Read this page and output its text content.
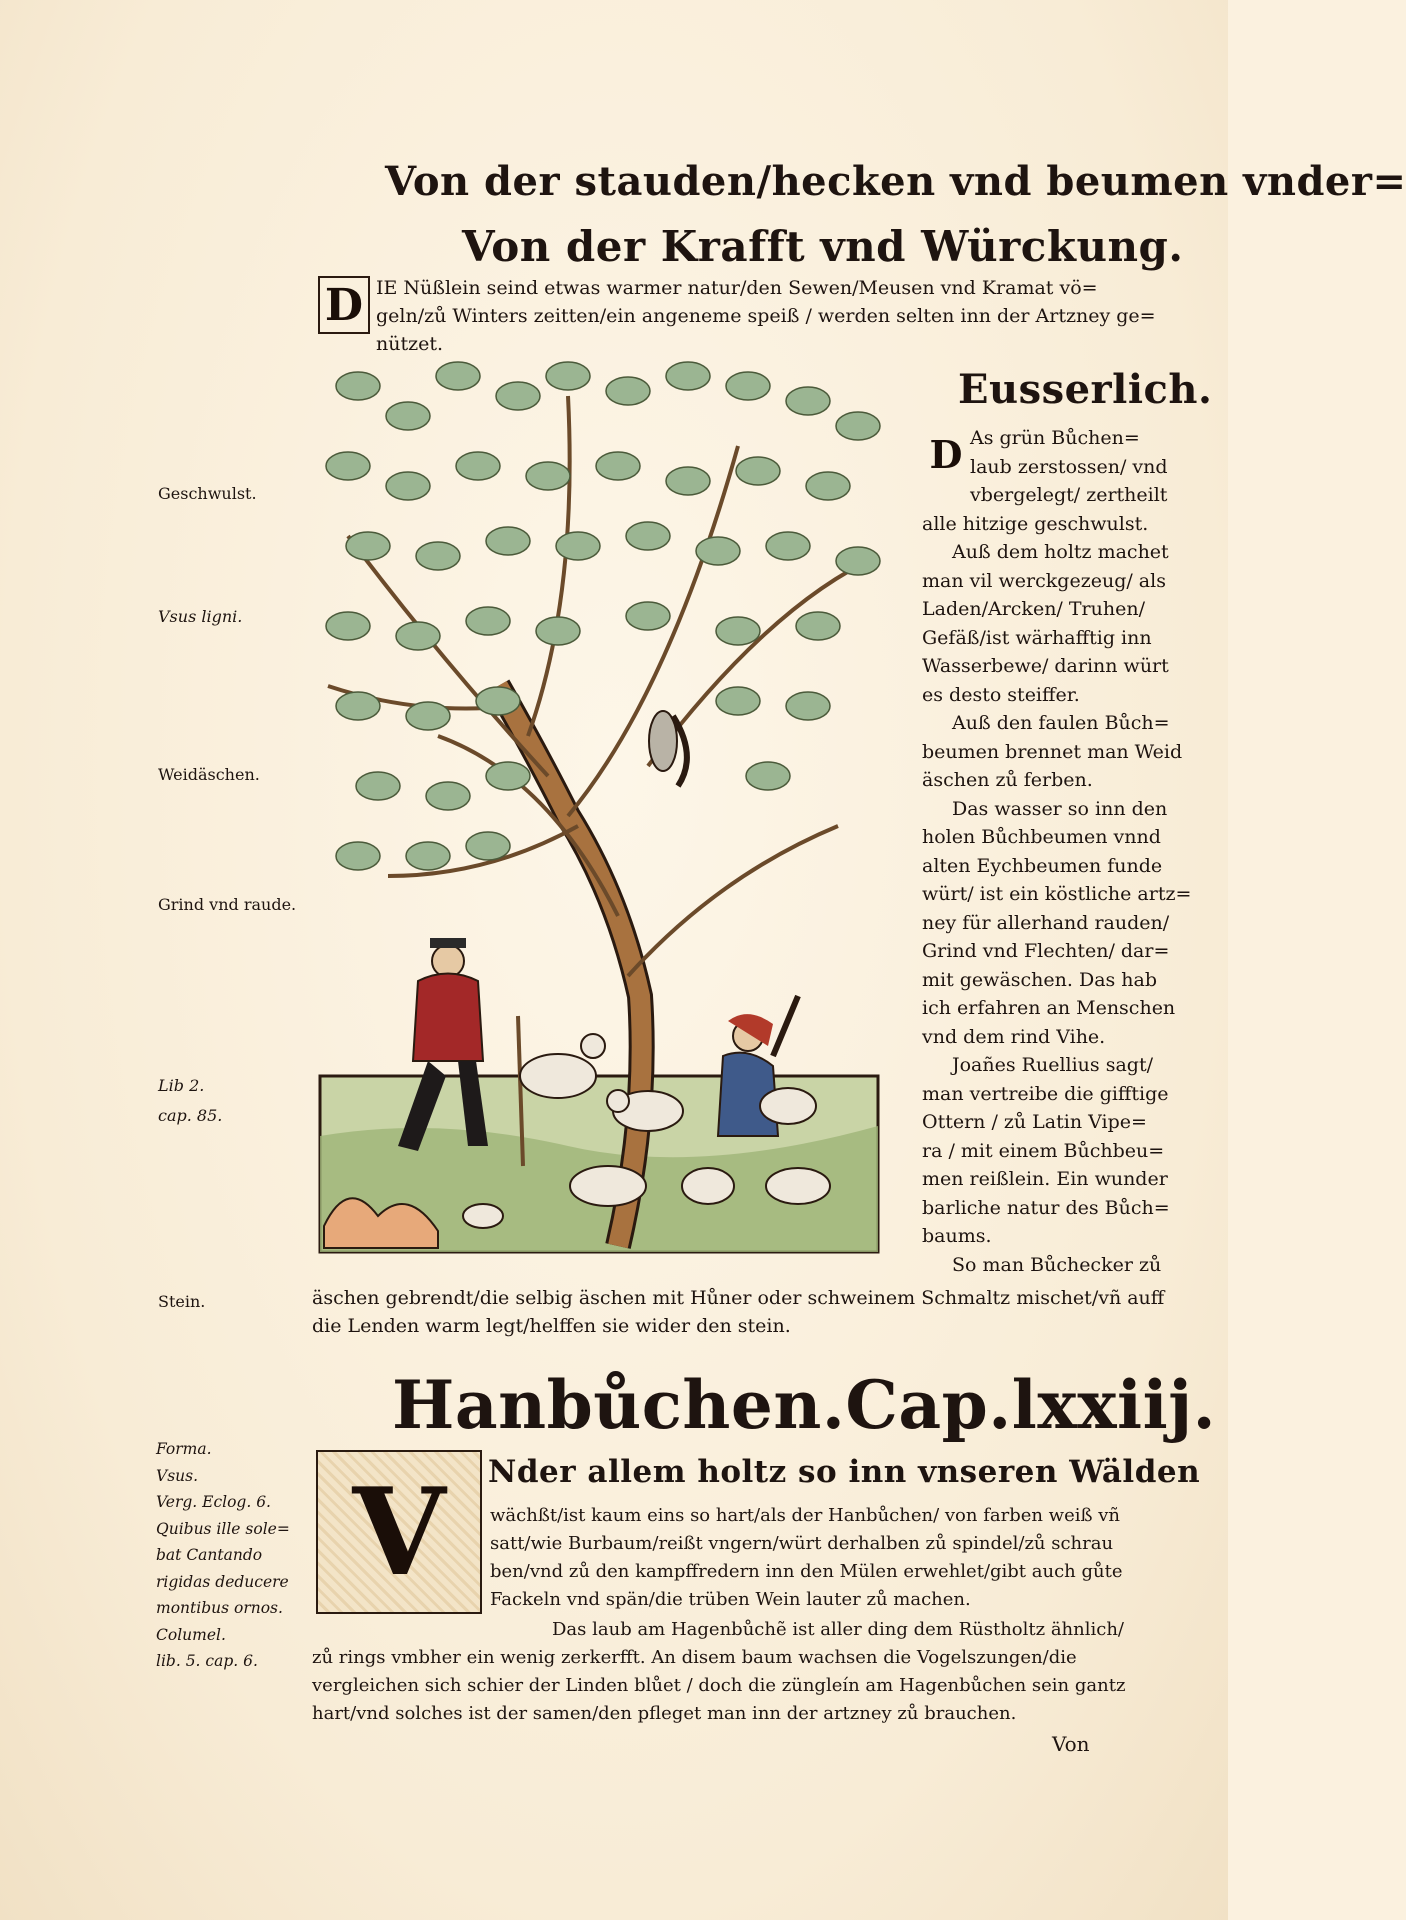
Von der stauden/hecken vnd beumen vnder=
Von der Krafft vnd Würckung.
D IE Nüßlein seind etwas warmer natur/den Sewen/Meusen vnd Kramat vö=
geln/zů Winters zeitten/ein angeneme speiß / werden selten inn der Artzney ge=
nützet.
Geschwulst.
Vsus ligni.
Weidäschen.
Grind vnd raude.
Lib 2.
cap. 85.
Stein.
Eusserlich.
D As grün Bůchen=
laub zerstossen/ vnd
vbergelegt/ zertheilt
alle hitzige geschwulst.
Auß dem holtz machet
man vil werckgezeug/ als
Laden/Arcken/ Truhen/
Gefäß/ist wärhafftig inn
Wasserbewe/ darinn würt
es desto steiffer.
Auß den faulen Bůch=
beumen brennet man Weid
äschen zů ferben.
Das wasser so inn den
holen Bůchbeumen vnnd
alten Eychbeumen funde
würt/ ist ein köstliche artz=
ney für allerhand rauden/
Grind vnd Flechten/ dar=
mit gewäschen. Das hab
ich erfahren an Menschen
vnd dem rind Vihe.
Joañes Ruellius sagt/
man vertreibe die gifftige
Ottern / zů Latin Vipe=
ra / mit einem Bůchbeu=
men reißlein. Ein wunder
barliche natur des Bůch=
baums.
So man Bůchecker zů
äschen gebrendt/die selbig äschen mit Hůner oder schweinem Schmaltz mischet/vñ auff
die Lenden warm legt/helffen sie wider den stein.
Hanbůchen.Cap.lxxiij.
Forma.
Vsus.
Verg. Eclog. 6.
Quibus ille sole=
bat Cantando
rigidas deducere
montibus ornos.
Columel.
lib. 5. cap. 6.
V Nder allem holtz so inn vnseren Wälden
wächßt/ist kaum eins so hart/als der Hanbůchen/ von farben weiß vñ
satt/wie Burbaum/reißt vngern/würt derhalben zů spindel/zů schrau
ben/vnd zů den kampffredern inn den Mülen erwehlet/gibt auch gůte
Fackeln vnd spän/die trüben Wein lauter zů machen.
Das laub am Hagenbůchẽ ist aller ding dem Rüstholtz ähnlich/
zů rings vmbher ein wenig zerkerfft. An disem baum wachsen die Vogelszungen/die
vergleichen sich schier der Linden blůet / doch die züngleín am Hagenbůchen sein gantz
hart/vnd solches ist der samen/den pfleget man inn der artzney zů brauchen.
Von
